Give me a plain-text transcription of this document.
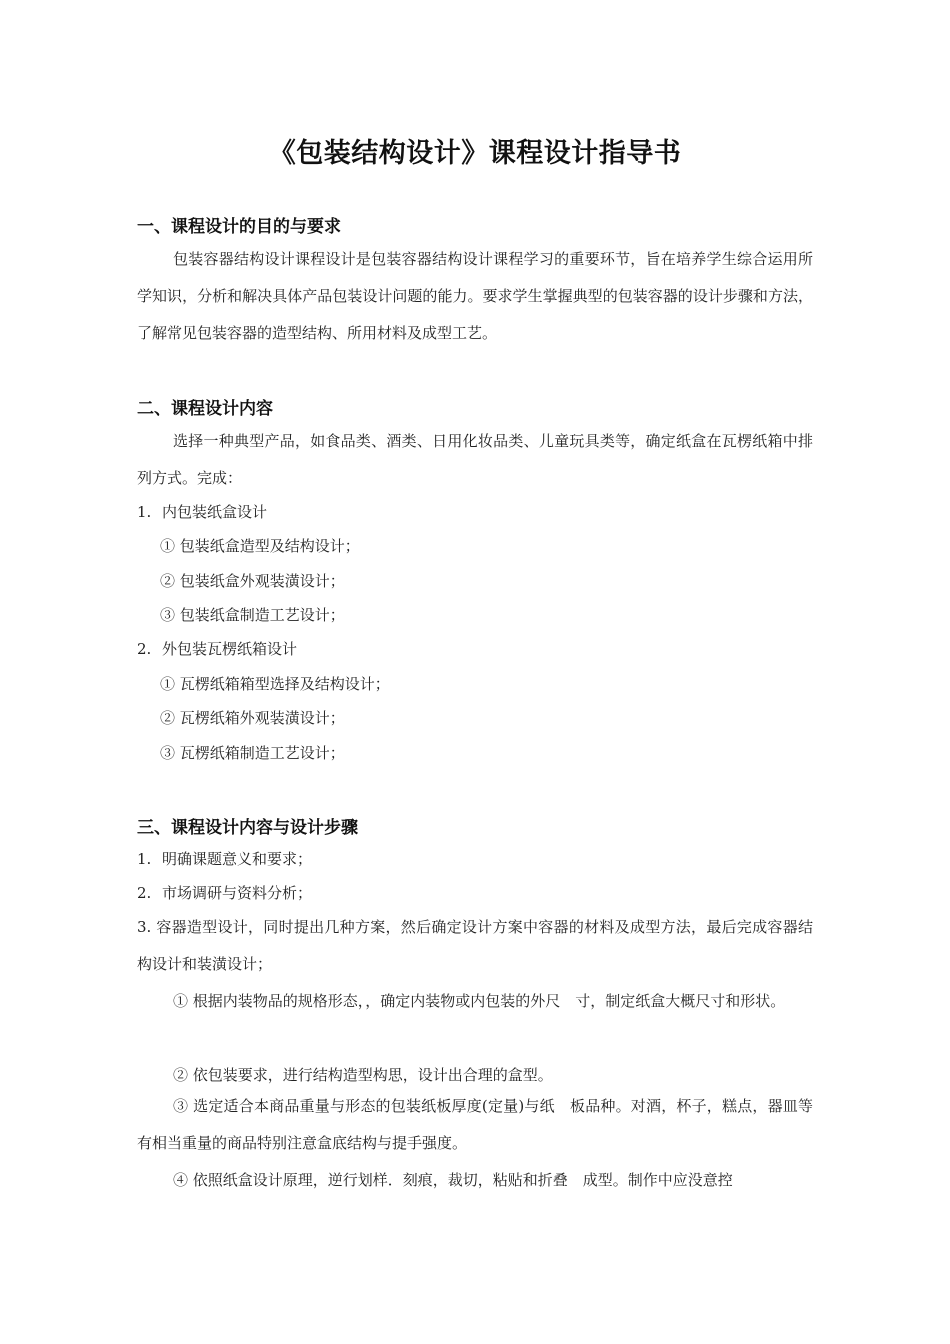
《包装结构设计》课程设计指导书
一、课程设计的目的与要求
包装容器结构设计课程设计是包装容器结构设计课程学习的重要环节，旨在培养学生综合运用所学知识，分析和解决具体产品包装设计问题的能力。要求学生掌握典型的包装容器的设计步骤和方法，了解常见包装容器的造型结构、所用材料及成型工艺。
二、课程设计内容
选择一种典型产品，如食品类、酒类、日用化妆品类、儿童玩具类等，确定纸盒在瓦楞纸箱中排列方式。完成：
1. 内包装纸盒设计
① 包装纸盒造型及结构设计；
② 包装纸盒外观装潢设计；
③ 包装纸盒制造工艺设计；
2. 外包装瓦楞纸箱设计
① 瓦楞纸箱箱型选择及结构设计；
② 瓦楞纸箱外观装潢设计；
③ 瓦楞纸箱制造工艺设计；
三、课程设计内容与设计步骤
1. 明确课题意义和要求；
2. 市场调研与资料分析；
3. 容器造型设计，同时提出几种方案，然后确定设计方案中容器的材料及成型方法，最后完成容器结构设计和装潢设计；
① 根据内装物品的规格形态，，确定内装物或内包装的外尺　寸，制定纸盒大概尺寸和形状。
② 依包装要求，进行结构造型构思，设计出合理的盒型。
③ 选定适合本商品重量与形态的包装纸板厚度(定量)与纸　板品种。对酒，杯子，糕点，器皿等有相当重量的商品特别注意盒底结构与提手强度。
④ 依照纸盒设计原理，逆行划样．刻痕，裁切，粘贴和折叠　成型。制作中应没意控
